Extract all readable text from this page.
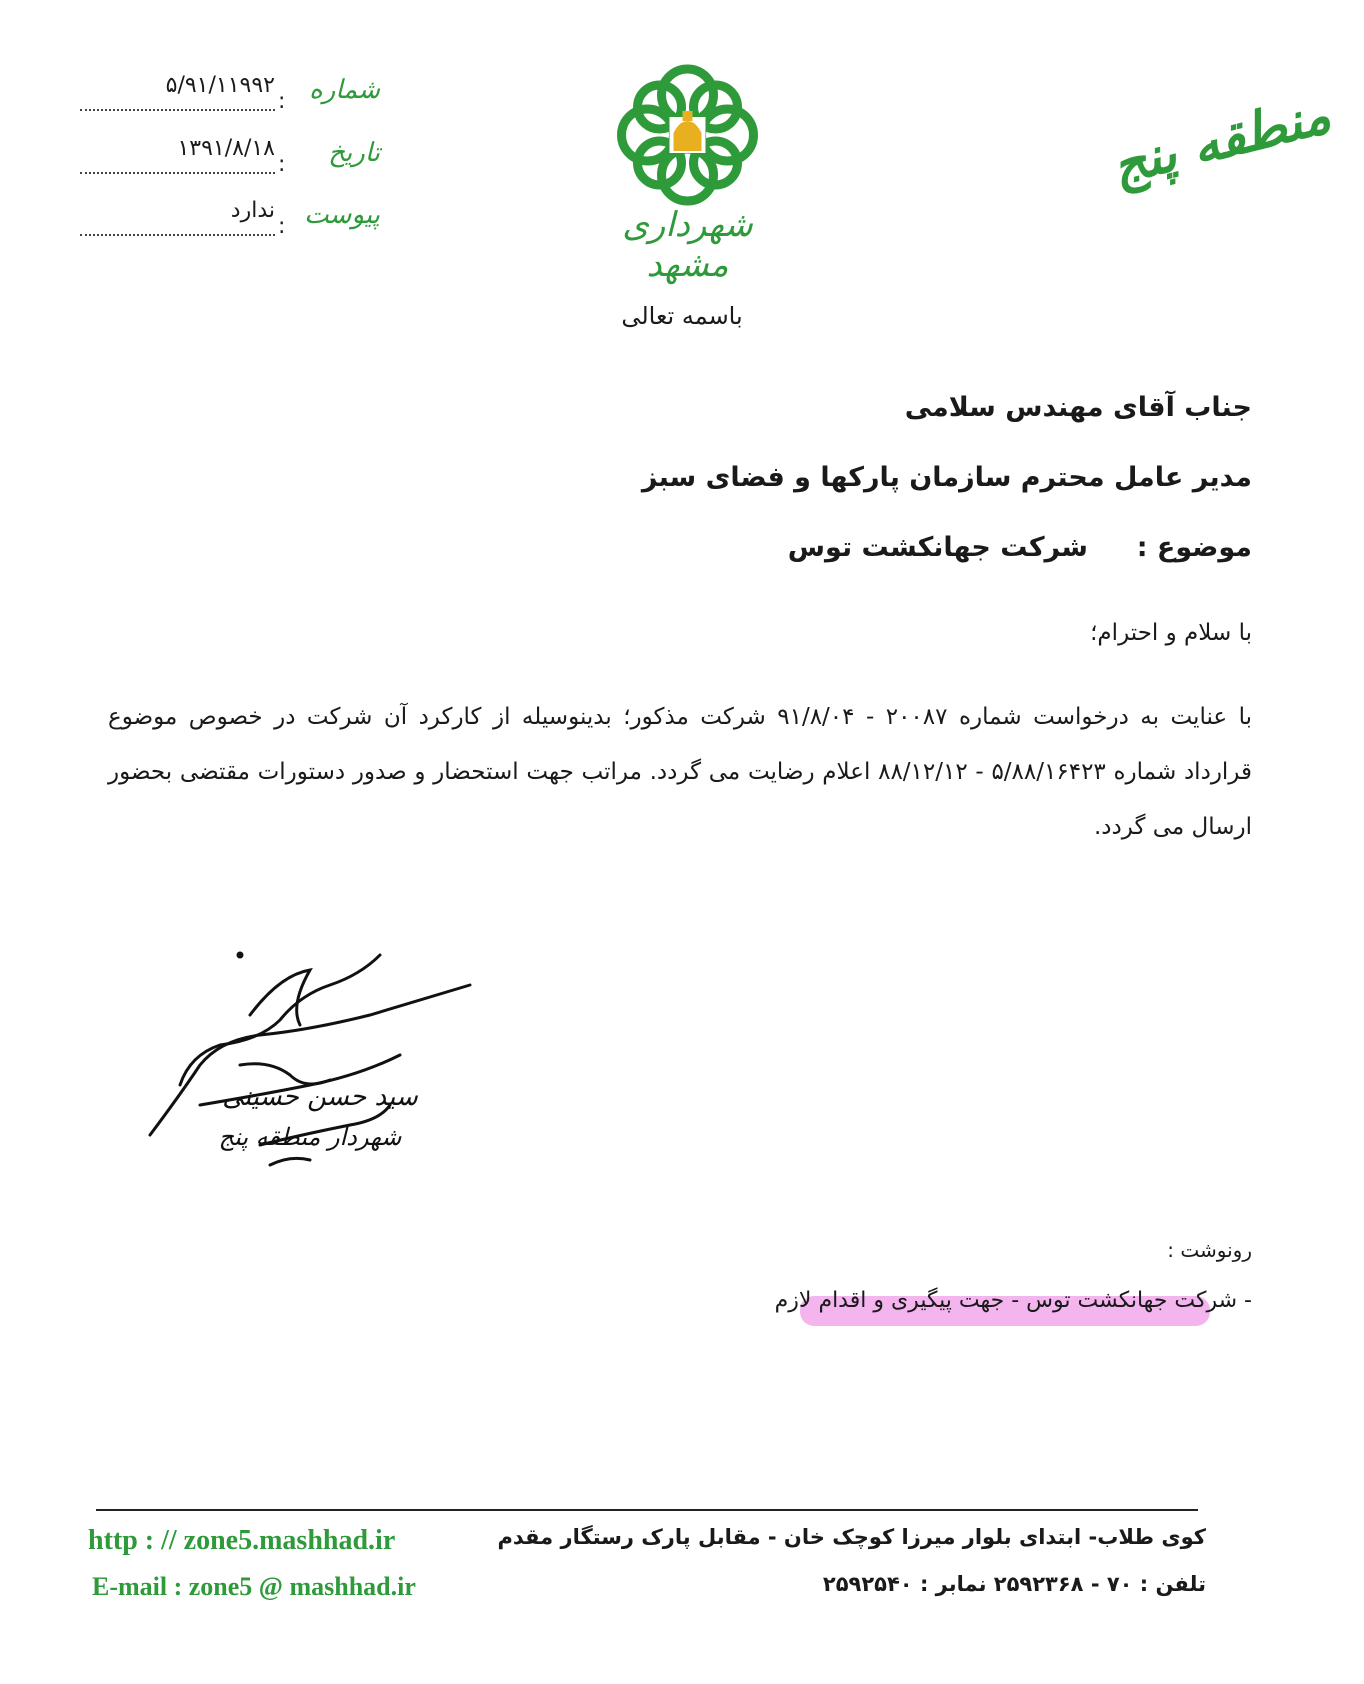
شماره
:
۵/۹۱/۱۱۹۹۲
تاریخ
:
۱۳۹۱/۸/۱۸
پیوست
:
ندارد	شهرداری مشهد
منطقه پنج
باسمه تعالی
جناب آقای مهندس سلامی
مدیر عامل محترم سازمان پارکها و فضای سبز
موضوع :  شرکت جهانکشت توس
با سلام و احترام؛
با عنایت به درخواست شماره ۲۰۰۸۷ - ۹۱/۸/۰۴ شرکت مذکور؛ بدینوسیله از کارکرد آن شرکت در خصوص موضوع قرارداد شماره ۵/۸۸/۱۶۴۲۳ - ۸۸/۱۲/۱۲ اعلام رضایت می گردد. مراتب جهت استحضار و صدور دستورات مقتضی بحضور ارسال می گردد.
سید حسن حسینی
شهردار منطقه پنج
رونوشت :
- شرکت جهانکشت توس - جهت پیگیری و اقدام لازم
کوی طلاب- ابتدای بلوار میرزا کوچک خان - مقابل پارک رستگار مقدم
تلفن : ۷۰ - ۲۵۹۲۳۶۸ نمابر : ۲۵۹۲۵۴۰
http : // zone5.mashhad.ir
E-mail : zone5 @ mashhad.ir
